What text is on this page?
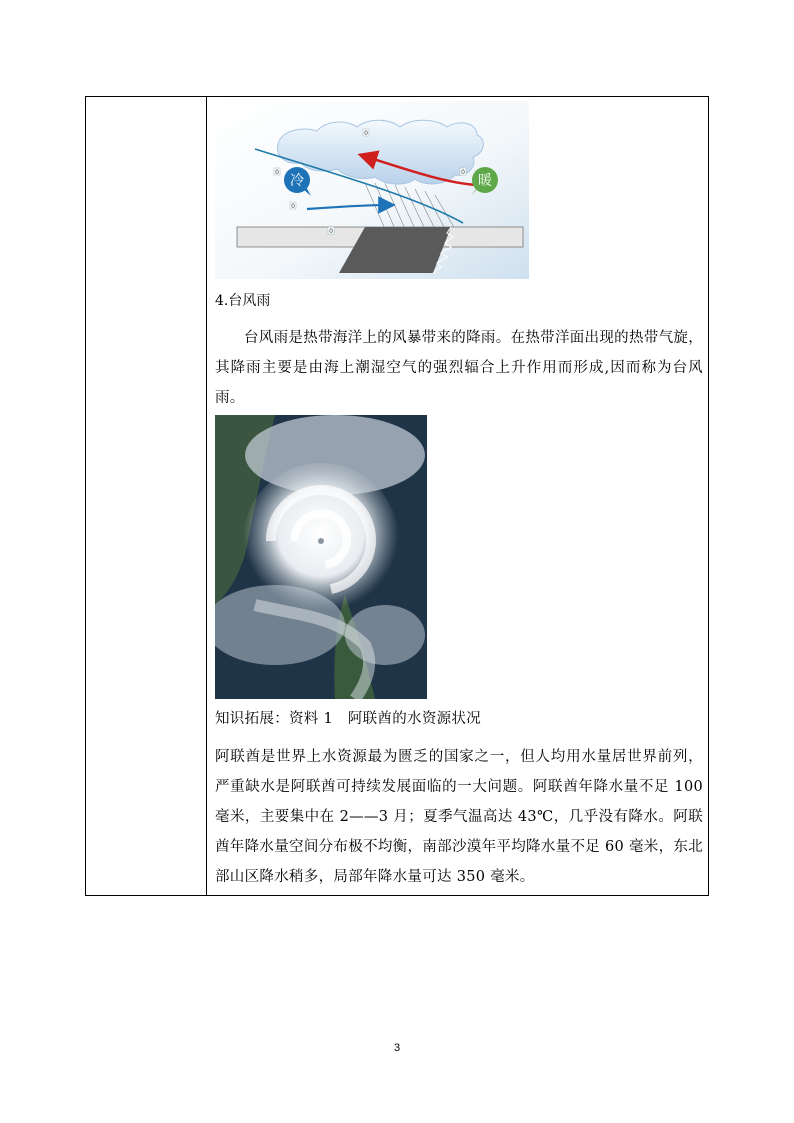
冷	暖
0
0	0
0
0
4.台风雨
台风雨是热带海洋上的风暴带来的降雨。在热带洋面出现的热带气旋，其降雨主要是由海上潮湿空气的强烈辐合上升作用而形成,因而称为台风雨。
知识拓展：资料 1　阿联酋的水资源状况
阿联酋是世界上水资源最为匮乏的国家之一，但人均用水量居世界前列，严重缺水是阿联酋可持续发展面临的一大问题。阿联酋年降水量不足 100 毫米，主要集中在 2——3 月；夏季气温高达 43℃，几乎没有降水。阿联酋年降水量空间分布极不均衡，南部沙漠年平均降水量不足 60 毫米，东北部山区降水稍多，局部年降水量可达 350 毫米。
3
